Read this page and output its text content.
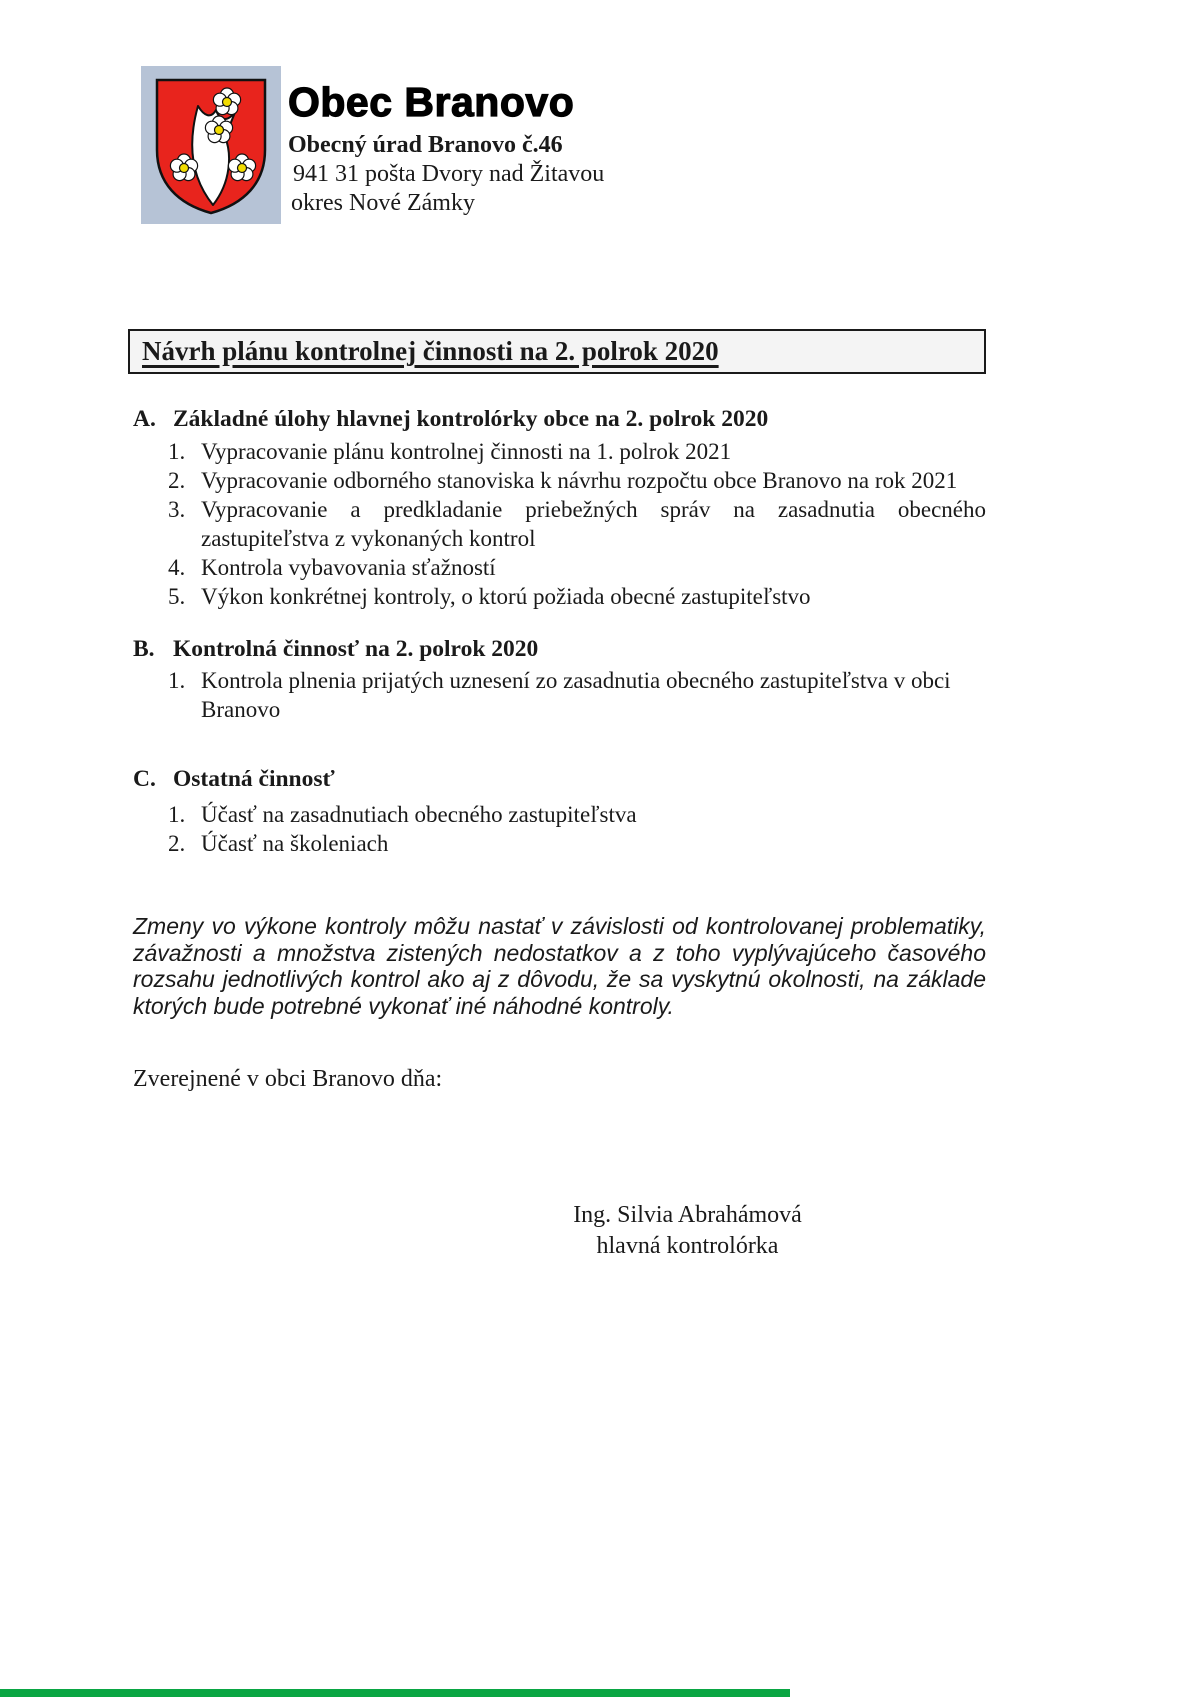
Obec Branovo
Obecný úrad Branovo č.46
941 31 pošta Dvory nad Žitavou
okres Nové Zámky
Návrh plánu kontrolnej činnosti na 2. polrok 2020
A. Základné úlohy hlavnej kontrolórky obce na 2. polrok 2020
1. Vypracovanie plánu kontrolnej činnosti na 1. polrok 2021
2. Vypracovanie odborného stanoviska k návrhu rozpočtu obce Branovo na rok 2021
3. Vypracovanie a predkladanie priebežných správ na zasadnutia obecného zastupiteľstva z vykonaných kontrol
4. Kontrola vybavovania sťažností
5. Výkon konkrétnej kontroly, o ktorú požiada obecné zastupiteľstvo
B. Kontrolná činnosť na 2. polrok 2020
1. Kontrola plnenia prijatých uznesení zo zasadnutia obecného zastupiteľstva v obci Branovo
C. Ostatná činnosť
1. Účasť na zasadnutiach obecného zastupiteľstva
2. Účasť na školeniach
Zmeny vo výkone kontroly môžu nastať v závislosti od kontrolovanej problematiky, závažnosti a množstva zistených nedostatkov a z toho vyplývajúceho časového rozsahu jednotlivých kontrol ako aj z dôvodu, že sa vyskytnú okolnosti, na základe ktorých bude potrebné vykonať iné náhodné kontroly.
Zverejnené v obci Branovo dňa:
Ing. Silvia Abrahámová
hlavná kontrolórka
